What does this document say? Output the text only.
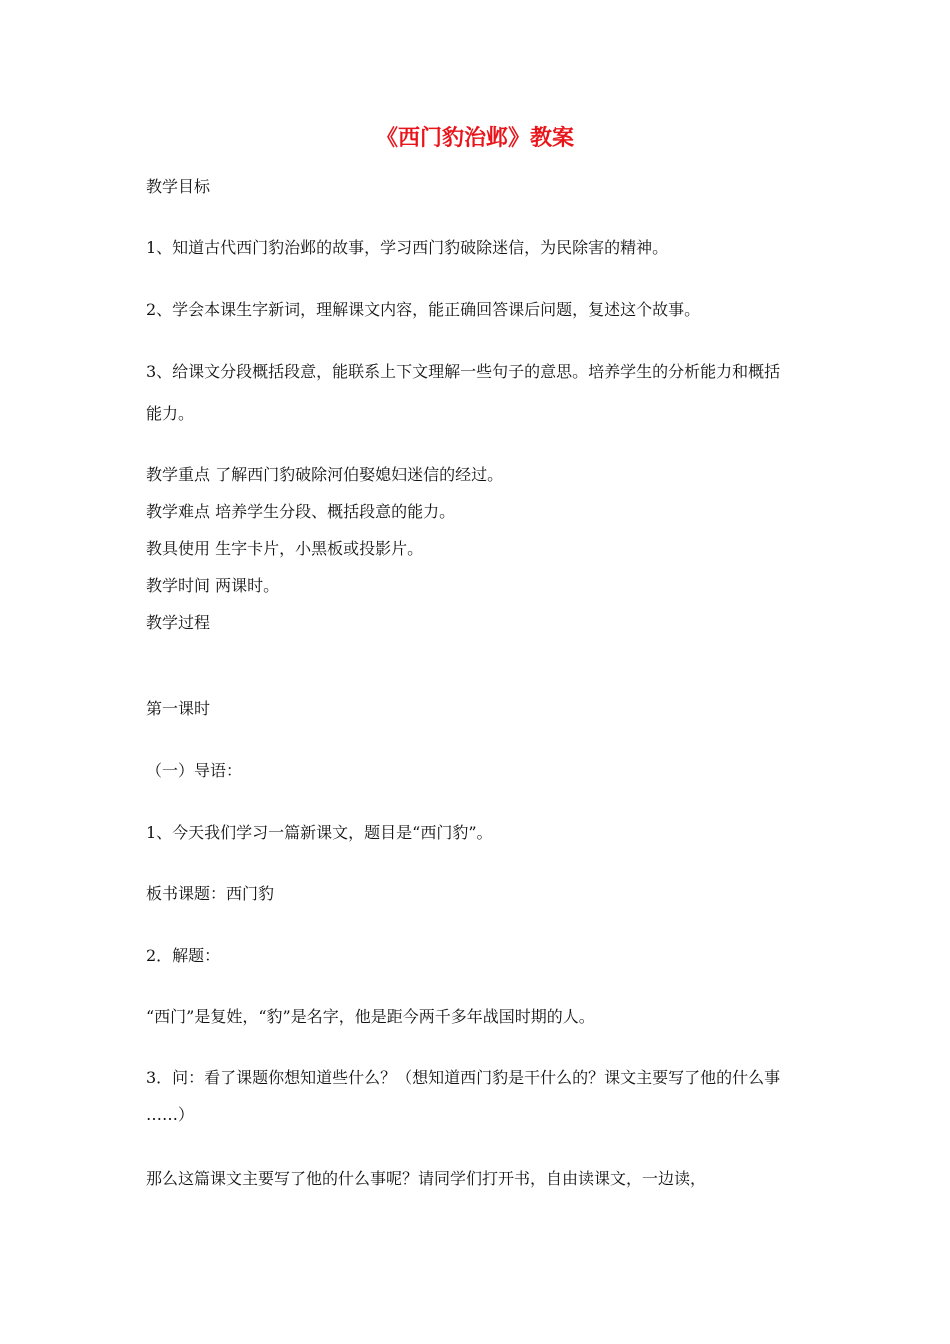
《西门豹治邺》教案
教学目标
1、知道古代西门豹治邺的故事，学习西门豹破除迷信，为民除害的精神。
2、学会本课生字新词，理解课文内容，能正确回答课后问题，复述这个故事。
3、给课文分段概括段意，能联系上下文理解一些句子的意思。培养学生的分析能力和概括
能力。
教学重点 了解西门豹破除河伯娶媳妇迷信的经过。
教学难点 培养学生分段、概括段意的能力。
教具使用 生字卡片，小黑板或投影片。
教学时间 两课时。
教学过程
第一课时
（一）导语：
1、今天我们学习一篇新课文，题目是“西门豹”。
板书课题：西门豹
2．解题：
“西门”是复姓，“豹”是名字，他是距今两千多年战国时期的人。
3．问：看了课题你想知道些什么？（想知道西门豹是干什么的？课文主要写了他的什么事
……）
那么这篇课文主要写了他的什么事呢？请同学们打开书，自由读课文，一边读，
